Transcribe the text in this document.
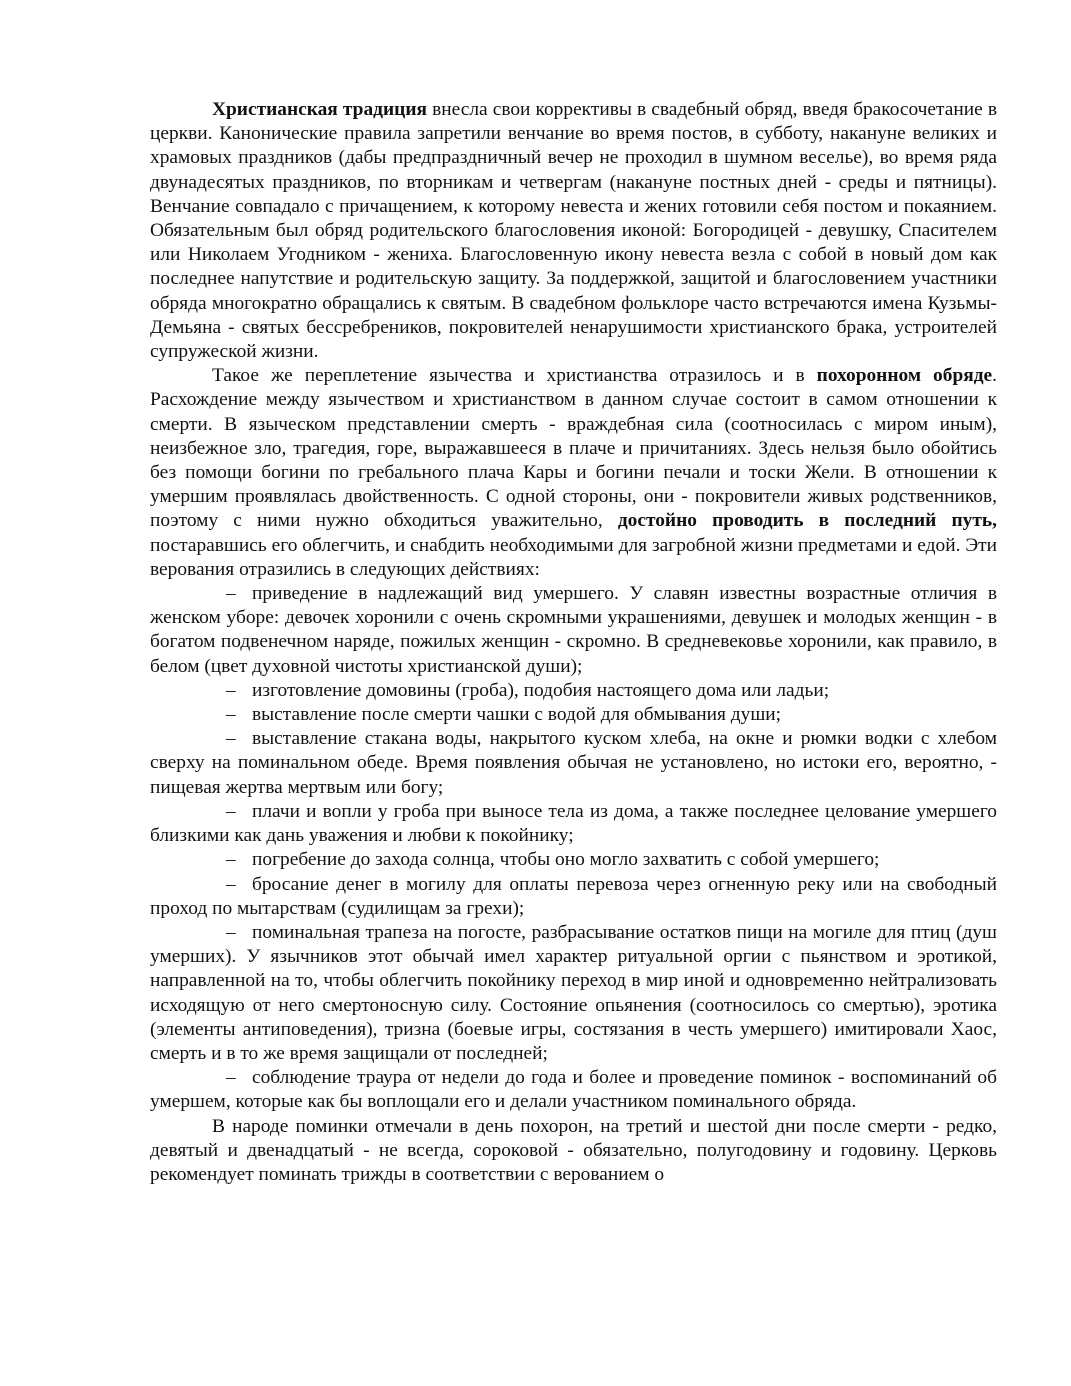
Христианская традиция внесла свои коррективы в свадебный обряд, введя бракосочетание в церкви. Канонические правила запретили венчание во время постов, в субботу, накануне великих и храмовых праздников (дабы предпраздничный вечер не проходил в шумном веселье), во время ряда двунадесятых праздников, по вторникам и четвергам (накануне постных дней - среды и пятницы). Венчание совпадало с причащением, к которому невеста и жених готовили себя постом и покаянием. Обязательным был обряд родительского благословения иконой: Богородицей - девушку, Спасителем или Николаем Угодником - жениха. Благословенную икону невеста везла с собой в новый дом как последнее напутствие и родительскую защиту. За поддержкой, защитой и благословением участники обряда многократно обращались к святым. В свадебном фольклоре часто встречаются имена Кузьмы-Демьяна - святых бессребреников, покровителей ненарушимости христианского брака, устроителей супружеской жизни.

Такое же переплетение язычества и христианства отразилось и в похоронном обряде. Расхождение между язычеством и христианством в данном случае состоит в самом отношении к смерти. В языческом представлении смерть - враждебная сила (соотносилась с миром иным), неизбежное зло, трагедия, горе, выражавшееся в плаче и причитаниях. Здесь нельзя было обойтись без помощи богини по гребального плача Кары и богини печали и тоски Жели. В отношении к умершим проявлялась двойственность. С одной стороны, они - покровители живых родственников, поэтому с ними нужно обходиться уважительно, достойно проводить в последний путь, постаравшись его облегчить, и снабдить необходимыми для загробной жизни предметами и едой. Эти верования отразились в следующих действиях:

– приведение в надлежащий вид умершего. У славян известны возрастные отличия в женском уборе: девочек хоронили с очень скромными украшениями, девушек и молодых женщин - в богатом подвенечном наряде, пожилых женщин - скромно. В средневековье хоронили, как правило, в белом (цвет духовной чистоты христианской души);

– изготовление домовины (гроба), подобия настоящего дома или ладьи;

– выставление после смерти чашки с водой для обмывания души;

– выставление стакана воды, накрытого куском хлеба, на окне и рюмки водки с хлебом сверху на поминальном обеде. Время появления обычая не установлено, но истоки его, вероятно, - пищевая жертва мертвым или богу;

– плачи и вопли у гроба при выносе тела из дома, а также последнее целование умершего близкими как дань уважения и любви к покойнику;

– погребение до захода солнца, чтобы оно могло захватить с собой умершего;

– бросание денег в могилу для оплаты перевоза через огненную реку или на свободный проход по мытарствам (судилищам за грехи);

– поминальная трапеза на погосте, разбрасывание остатков пищи на могиле для птиц (душ умерших). У язычников этот обычай имел характер ритуальной оргии с пьянством и эротикой, направленной на то, чтобы облегчить покойнику переход в мир иной и одновременно нейтрализовать исходящую от него смертоносную силу. Состояние опьянения (соотносилось со смертью), эротика (элементы антиповедения), тризна (боевые игры, состязания в честь умершего) имитировали Хаос, смерть и в то же время защищали от последней;

– соблюдение траура от недели до года и более и проведение поминок - воспоминаний об умершем, которые как бы воплощали его и делали участником поминального обряда.

В народе поминки отмечали в день похорон, на третий и шестой дни после смерти - редко, девятый и двенадцатый - не всегда, сороковой - обязательно, полугодовину и годовину. Церковь рекомендует поминать трижды в соответствии с верованием о
